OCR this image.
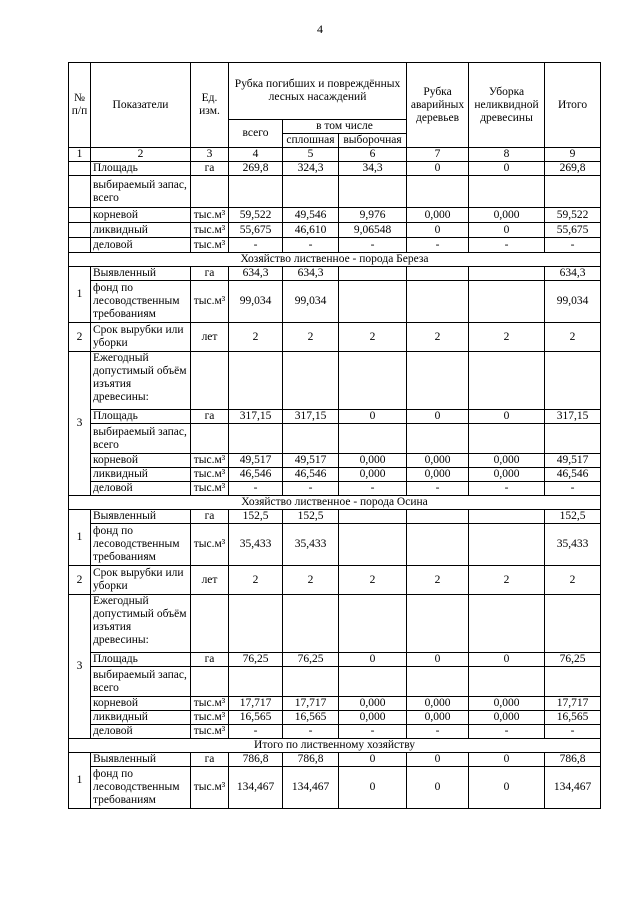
4
№ п/п	Показатели	Ед. изм.	Рубка погибших и повреждённых лесных насаждений			Рубка аварийных деревьев	Уборка неликвидной древесины	Итого
			всего	в том числе				
				сплошная	выборочная			
1	2	3	4	5	6	7	8	9
	Площадь	га	269,8	324,3	34,3	0	0	269,8
	выбираемый запас, всего							
	корневой	тыс.м³	59,522	49,546	9,976	0,000	0,000	59,522
	ликвидный	тыс.м³	55,675	46,610	9,06548	0	0	55,675
	деловой	тыс.м³	-	-	-	-	-	-
Хозяйство лиственное - порода Береза								
1	Выявленный	га	634,3	634,3				634,3
	фонд по лесоводственным требованиям	тыс.м³	99,034	99,034				99,034
2	Срок вырубки или уборки	лет	2	2	2	2	2	2
3	Ежегодный допустимый объём изъятия древесины:							
	Площадь	га	317,15	317,15	0	0	0	317,15
	выбираемый запас, всего							
	корневой	тыс.м³	49,517	49,517	0,000	0,000	0,000	49,517
	ликвидный	тыс.м³	46,546	46,546	0,000	0,000	0,000	46,546
	деловой	тыс.м³	-	-	-	-	-	-
Хозяйство лиственное - порода Осина								
1	Выявленный	га	152,5	152,5				152,5
	фонд по лесоводственным требованиям	тыс.м³	35,433	35,433				35,433
2	Срок вырубки или уборки	лет	2	2	2	2	2	2
3	Ежегодный допустимый объём изъятия древесины:							
	Площадь	га	76,25	76,25	0	0	0	76,25
	выбираемый запас, всего							
	корневой	тыс.м³	17,717	17,717	0,000	0,000	0,000	17,717
	ликвидный	тыс.м³	16,565	16,565	0,000	0,000	0,000	16,565
	деловой	тыс.м³	-	-	-	-	-	-
Итого по лиственному хозяйству								
1	Выявленный	га	786,8	786,8	0	0	0	786,8
	фонд по лесоводственным требованиям	тыс.м³	134,467	134,467	0	0	0	134,467
